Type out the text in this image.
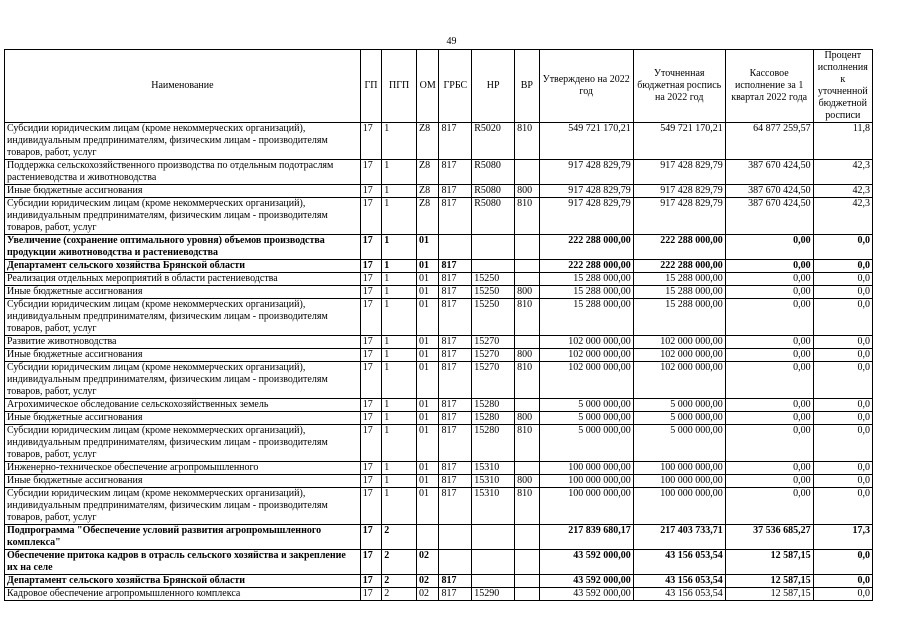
49
Наименование	ГП	ПГП	ОМ	ГРБС	НР	ВР	Утверждено на 2022 год	Уточненная бюджетная роспись на 2022 год	Кассовое исполнение за 1 квартал 2022 года	Процент исполнения к уточненной бюджетной росписи
Субсидии юридическим лицам (кроме некоммерческих организаций), индивидуальным предпринимателям, физическим лицам - производителям товаров, работ, услуг	17	1	Z8	817	R5020	810	549 721 170,21	549 721 170,21	64 877 259,57	11,8
Поддержка сельскохозяйственного производства по отдельным подотраслям растениеводства и животноводства	17	1	Z8	817	R5080		917 428 829,79	917 428 829,79	387 670 424,50	42,3
Иные бюджетные ассигнования	17	1	Z8	817	R5080	800	917 428 829,79	917 428 829,79	387 670 424,50	42,3
Субсидии юридическим лицам (кроме некоммерческих организаций), индивидуальным предпринимателям, физическим лицам - производителям товаров, работ, услуг	17	1	Z8	817	R5080	810	917 428 829,79	917 428 829,79	387 670 424,50	42,3
Увеличение (сохранение оптимального уровня) объемов производства продукции животноводства и растениеводства	17	1	01				222 288 000,00	222 288 000,00	0,00	0,0
Департамент сельского хозяйства Брянской области	17	1	01	817			222 288 000,00	222 288 000,00	0,00	0,0
Реализация отдельных мероприятий в области растениеводства	17	1	01	817	15250		15 288 000,00	15 288 000,00	0,00	0,0
Иные бюджетные ассигнования	17	1	01	817	15250	800	15 288 000,00	15 288 000,00	0,00	0,0
Субсидии юридическим лицам (кроме некоммерческих организаций), индивидуальным предпринимателям, физическим лицам - производителям товаров, работ, услуг	17	1	01	817	15250	810	15 288 000,00	15 288 000,00	0,00	0,0
Развитие животноводства	17	1	01	817	15270		102 000 000,00	102 000 000,00	0,00	0,0
Иные бюджетные ассигнования	17	1	01	817	15270	800	102 000 000,00	102 000 000,00	0,00	0,0
Субсидии юридическим лицам (кроме некоммерческих организаций), индивидуальным предпринимателям, физическим лицам - производителям товаров, работ, услуг	17	1	01	817	15270	810	102 000 000,00	102 000 000,00	0,00	0,0
Агрохимическое обследование сельскохозяйственных земель	17	1	01	817	15280		5 000 000,00	5 000 000,00	0,00	0,0
Иные бюджетные ассигнования	17	1	01	817	15280	800	5 000 000,00	5 000 000,00	0,00	0,0
Субсидии юридическим лицам (кроме некоммерческих организаций), индивидуальным предпринимателям, физическим лицам - производителям товаров, работ, услуг	17	1	01	817	15280	810	5 000 000,00	5 000 000,00	0,00	0,0
Инженерно-техническое обеспечение агропромышленного	17	1	01	817	15310		100 000 000,00	100 000 000,00	0,00	0,0
Иные бюджетные ассигнования	17	1	01	817	15310	800	100 000 000,00	100 000 000,00	0,00	0,0
Субсидии юридическим лицам (кроме некоммерческих организаций), индивидуальным предпринимателям, физическим лицам - производителям товаров, работ, услуг	17	1	01	817	15310	810	100 000 000,00	100 000 000,00	0,00	0,0
Подпрограмма "Обеспечение условий развития агропромышленного комплекса"	17	2					217 839 680,17	217 403 733,71	37 536 685,27	17,3
Обеспечение притока кадров в отрасль сельского хозяйства и закрепление их на селе	17	2	02				43 592 000,00	43 156 053,54	12 587,15	0,0
Департамент сельского хозяйства Брянской области	17	2	02	817			43 592 000,00	43 156 053,54	12 587,15	0,0
Кадровое обеспечение агропромышленного комплекса	17	2	02	817	15290		43 592 000,00	43 156 053,54	12 587,15	0,0
